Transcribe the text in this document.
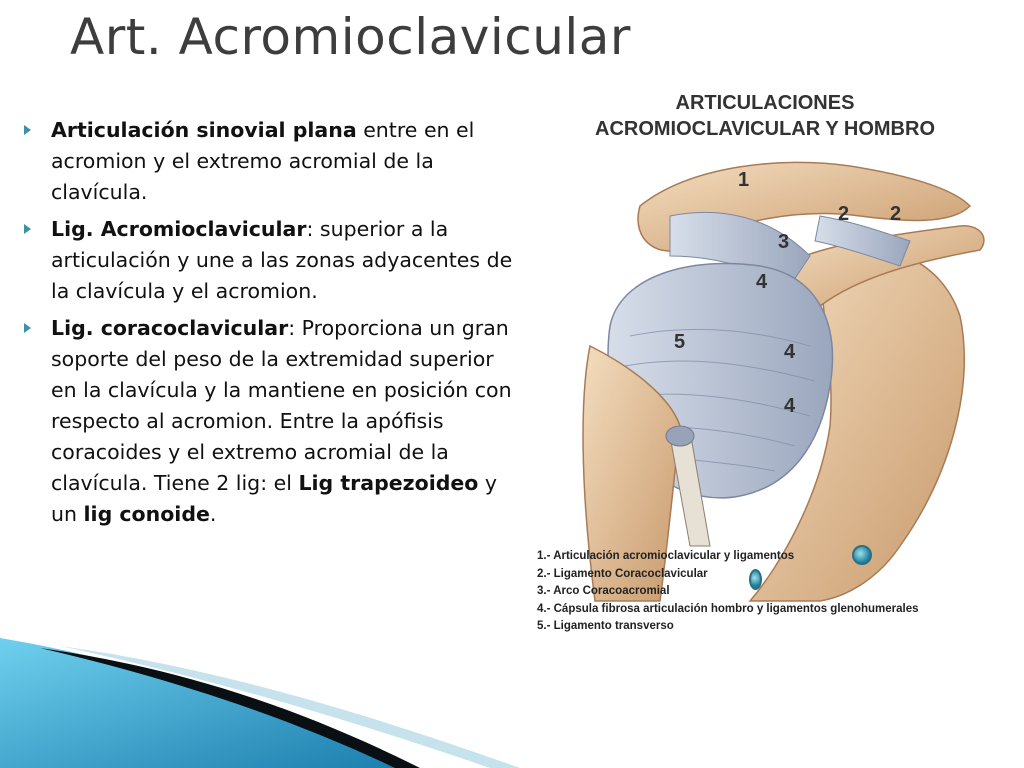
Art. Acromioclavicular
Articulación sinovial plana entre en el acromion y el extremo acromial de la clavícula.
Lig. Acromioclavicular: superior a la articulación y une a las zonas adyacentes de la clavícula y el acromion.
Lig. coracoclavicular: Proporciona un gran soporte del peso de la extremidad superior en la clavícula y la mantiene en posición con respecto al acromion. Entre la apófisis coracoides y el extremo acromial de la clavícula. Tiene 2 lig: el Lig trapezoideo y un lig conoide.
ARTICULACIONES
ACROMIOCLAVICULAR Y HOMBRO
1
2 2
3
4
5	4
4
1.- Articulación acromioclavicular y ligamentos
2.- Ligamento Coracoclavicular
3.- Arco Coracoacromial
4.- Cápsula fibrosa articulación hombro y ligamentos glenohumerales
5.- Ligamento transverso
